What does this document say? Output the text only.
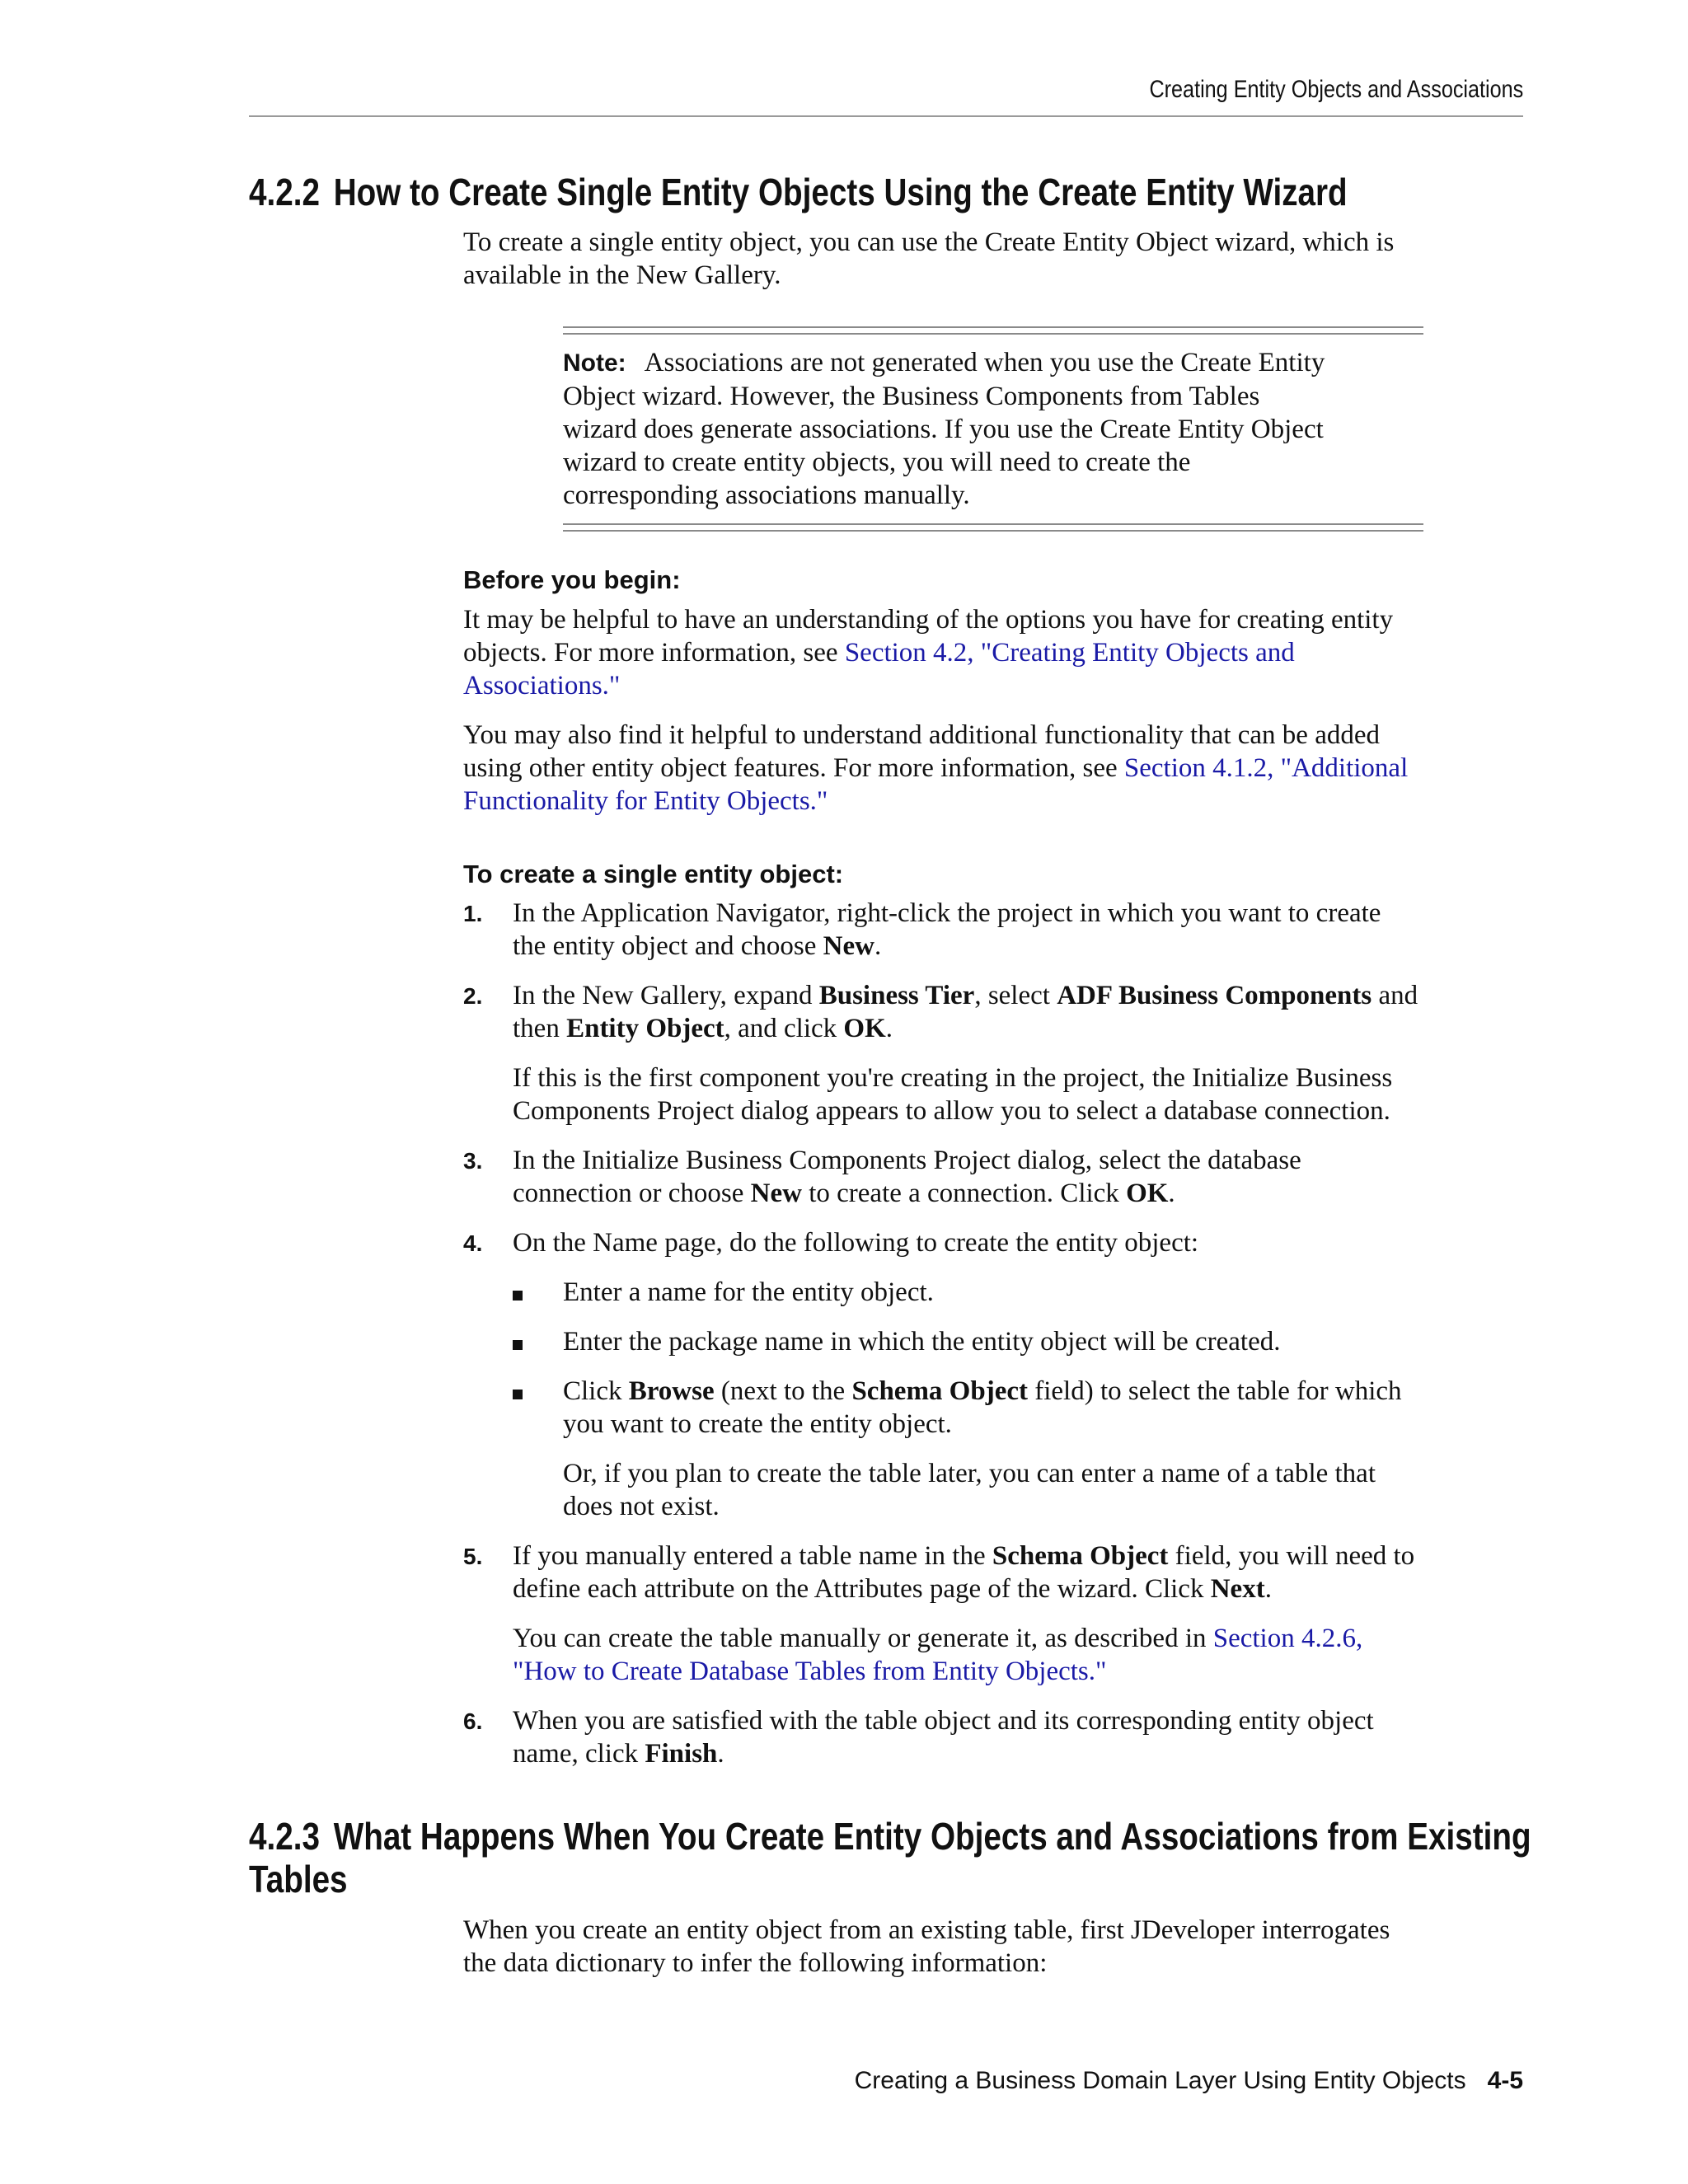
Creating Entity Objects and Associations
4.2.2 How to Create Single Entity Objects Using the Create Entity Wizard
To create a single entity object, you can use the Create Entity Object wizard, which is
available in the New Gallery.
Note: Associations are not generated when you use the Create Entity
Object wizard. However, the Business Components from Tables
wizard does generate associations. If you use the Create Entity Object
wizard to create entity objects, you will need to create the
corresponding associations manually.
Before you begin:
It may be helpful to have an understanding of the options you have for creating entity
objects. For more information, see Section 4.2, "Creating Entity Objects and
Associations."
You may also find it helpful to understand additional functionality that can be added
using other entity object features. For more information, see Section 4.1.2, "Additional
Functionality for Entity Objects."
To create a single entity object:
1. In the Application Navigator, right-click the project in which you want to create
the entity object and choose New.
2. In the New Gallery, expand Business Tier, select ADF Business Components and
then Entity Object, and click OK.
If this is the first component you're creating in the project, the Initialize Business
Components Project dialog appears to allow you to select a database connection.
3. In the Initialize Business Components Project dialog, select the database
connection or choose New to create a connection. Click OK.
4. On the Name page, do the following to create the entity object:
Enter a name for the entity object.
Enter the package name in which the entity object will be created.
Click Browse (next to the Schema Object field) to select the table for which
you want to create the entity object.
Or, if you plan to create the table later, you can enter a name of a table that
does not exist.
5. If you manually entered a table name in the Schema Object field, you will need to
define each attribute on the Attributes page of the wizard. Click Next.
You can create the table manually or generate it, as described in Section 4.2.6,
"How to Create Database Tables from Entity Objects."
6. When you are satisfied with the table object and its corresponding entity object
name, click Finish.
4.2.3 What Happens When You Create Entity Objects and Associations from Existing
Tables
When you create an entity object from an existing table, first JDeveloper interrogates
the data dictionary to infer the following information:
Creating a Business Domain Layer Using Entity Objects 4-5
